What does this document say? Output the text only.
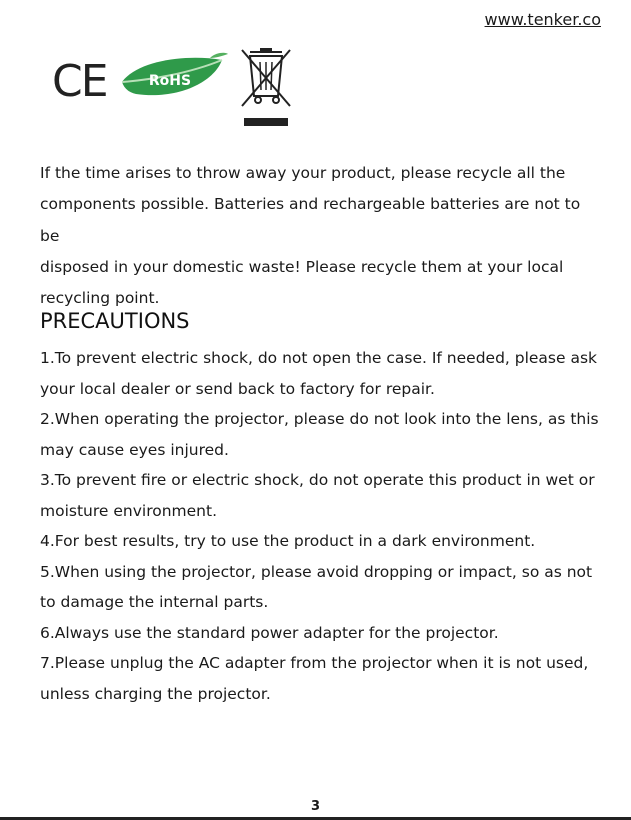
www.tenker.co
CE	RoHS

If the time arises to throw away your product, please recycle all the

components possible. Batteries and rechargeable batteries are not to be

disposed in your domestic waste! Please recycle them at your local

recycling point.

PRECAUTIONS
1.To prevent electric shock, do not open the case. If needed, please ask
your local dealer or send back to factory for repair.
2.When operating the projector, please do not look into the lens, as this
may cause eyes injured.
3.To prevent fire or electric shock, do not operate this product in wet or
moisture environment.
4.For best results, try to use the product in a dark environment.
5.When using the projector, please avoid dropping or impact, so as not
to damage the internal parts.
6.Always use the standard power adapter for the projector.
7.Please unplug the AC adapter from the projector when it is not used,
unless charging the projector.
3
